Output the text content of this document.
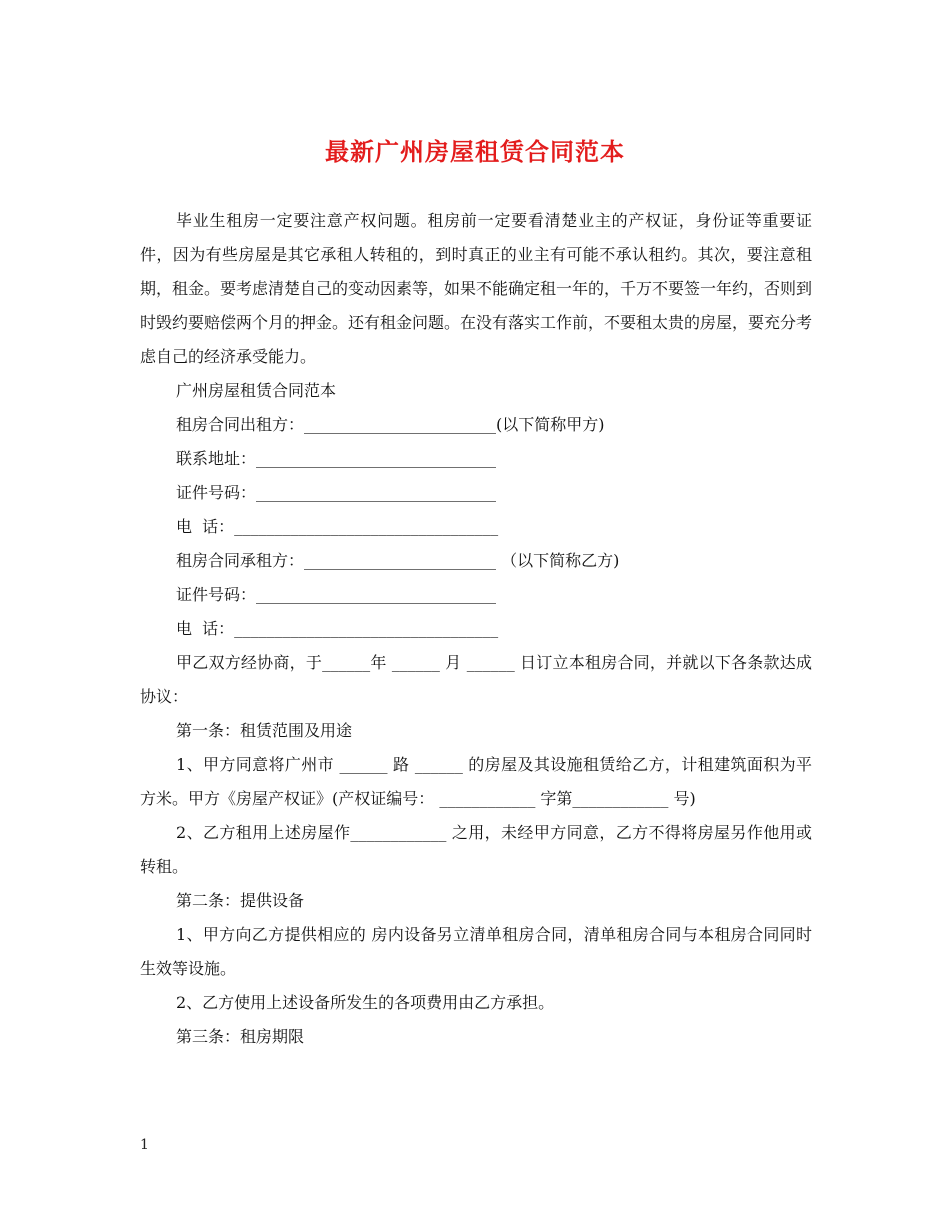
最新广州房屋租赁合同范本

毕业生租房一定要注意产权问题。租房前一定要看清楚业主的产权证，身份证等重要证件，因为有些房屋是其它承租人转租的，到时真正的业主有可能不承认租约。其次，要注意租期，租金。要考虑清楚自己的变动因素等，如果不能确定租一年的，千万不要签一年约，否则到时毁约要赔偿两个月的押金。还有租金问题。在没有落实工作前，不要租太贵的房屋，要充分考虑自己的经济承受能力。

广州房屋租赁合同范本

租房合同出租方：________________________(以下简称甲方)

联系地址：______________________________

证件号码：______________________________

电  话：_________________________________

租房合同承租方：________________________ （以下简称乙方)

证件号码：______________________________

电  话：_________________________________

甲乙双方经协商，于______年 ______ 月 ______ 日订立本租房合同，并就以下各条款达成协议：

第一条：租赁范围及用途

1、甲方同意将广州市 ______ 路 ______ 的房屋及其设施租赁给乙方，计租建筑面积为平方米。甲方《房屋产权证》(产权证编号： ____________ 字第____________ 号)

2、乙方租用上述房屋作____________ 之用，未经甲方同意，乙方不得将房屋另作他用或转租。

第二条：提供设备

1、甲方向乙方提供相应的 房内设备另立清单租房合同，清单租房合同与本租房合同同时生效等设施。

2、乙方使用上述设备所发生的各项费用由乙方承担。

第三条：租房期限

1
